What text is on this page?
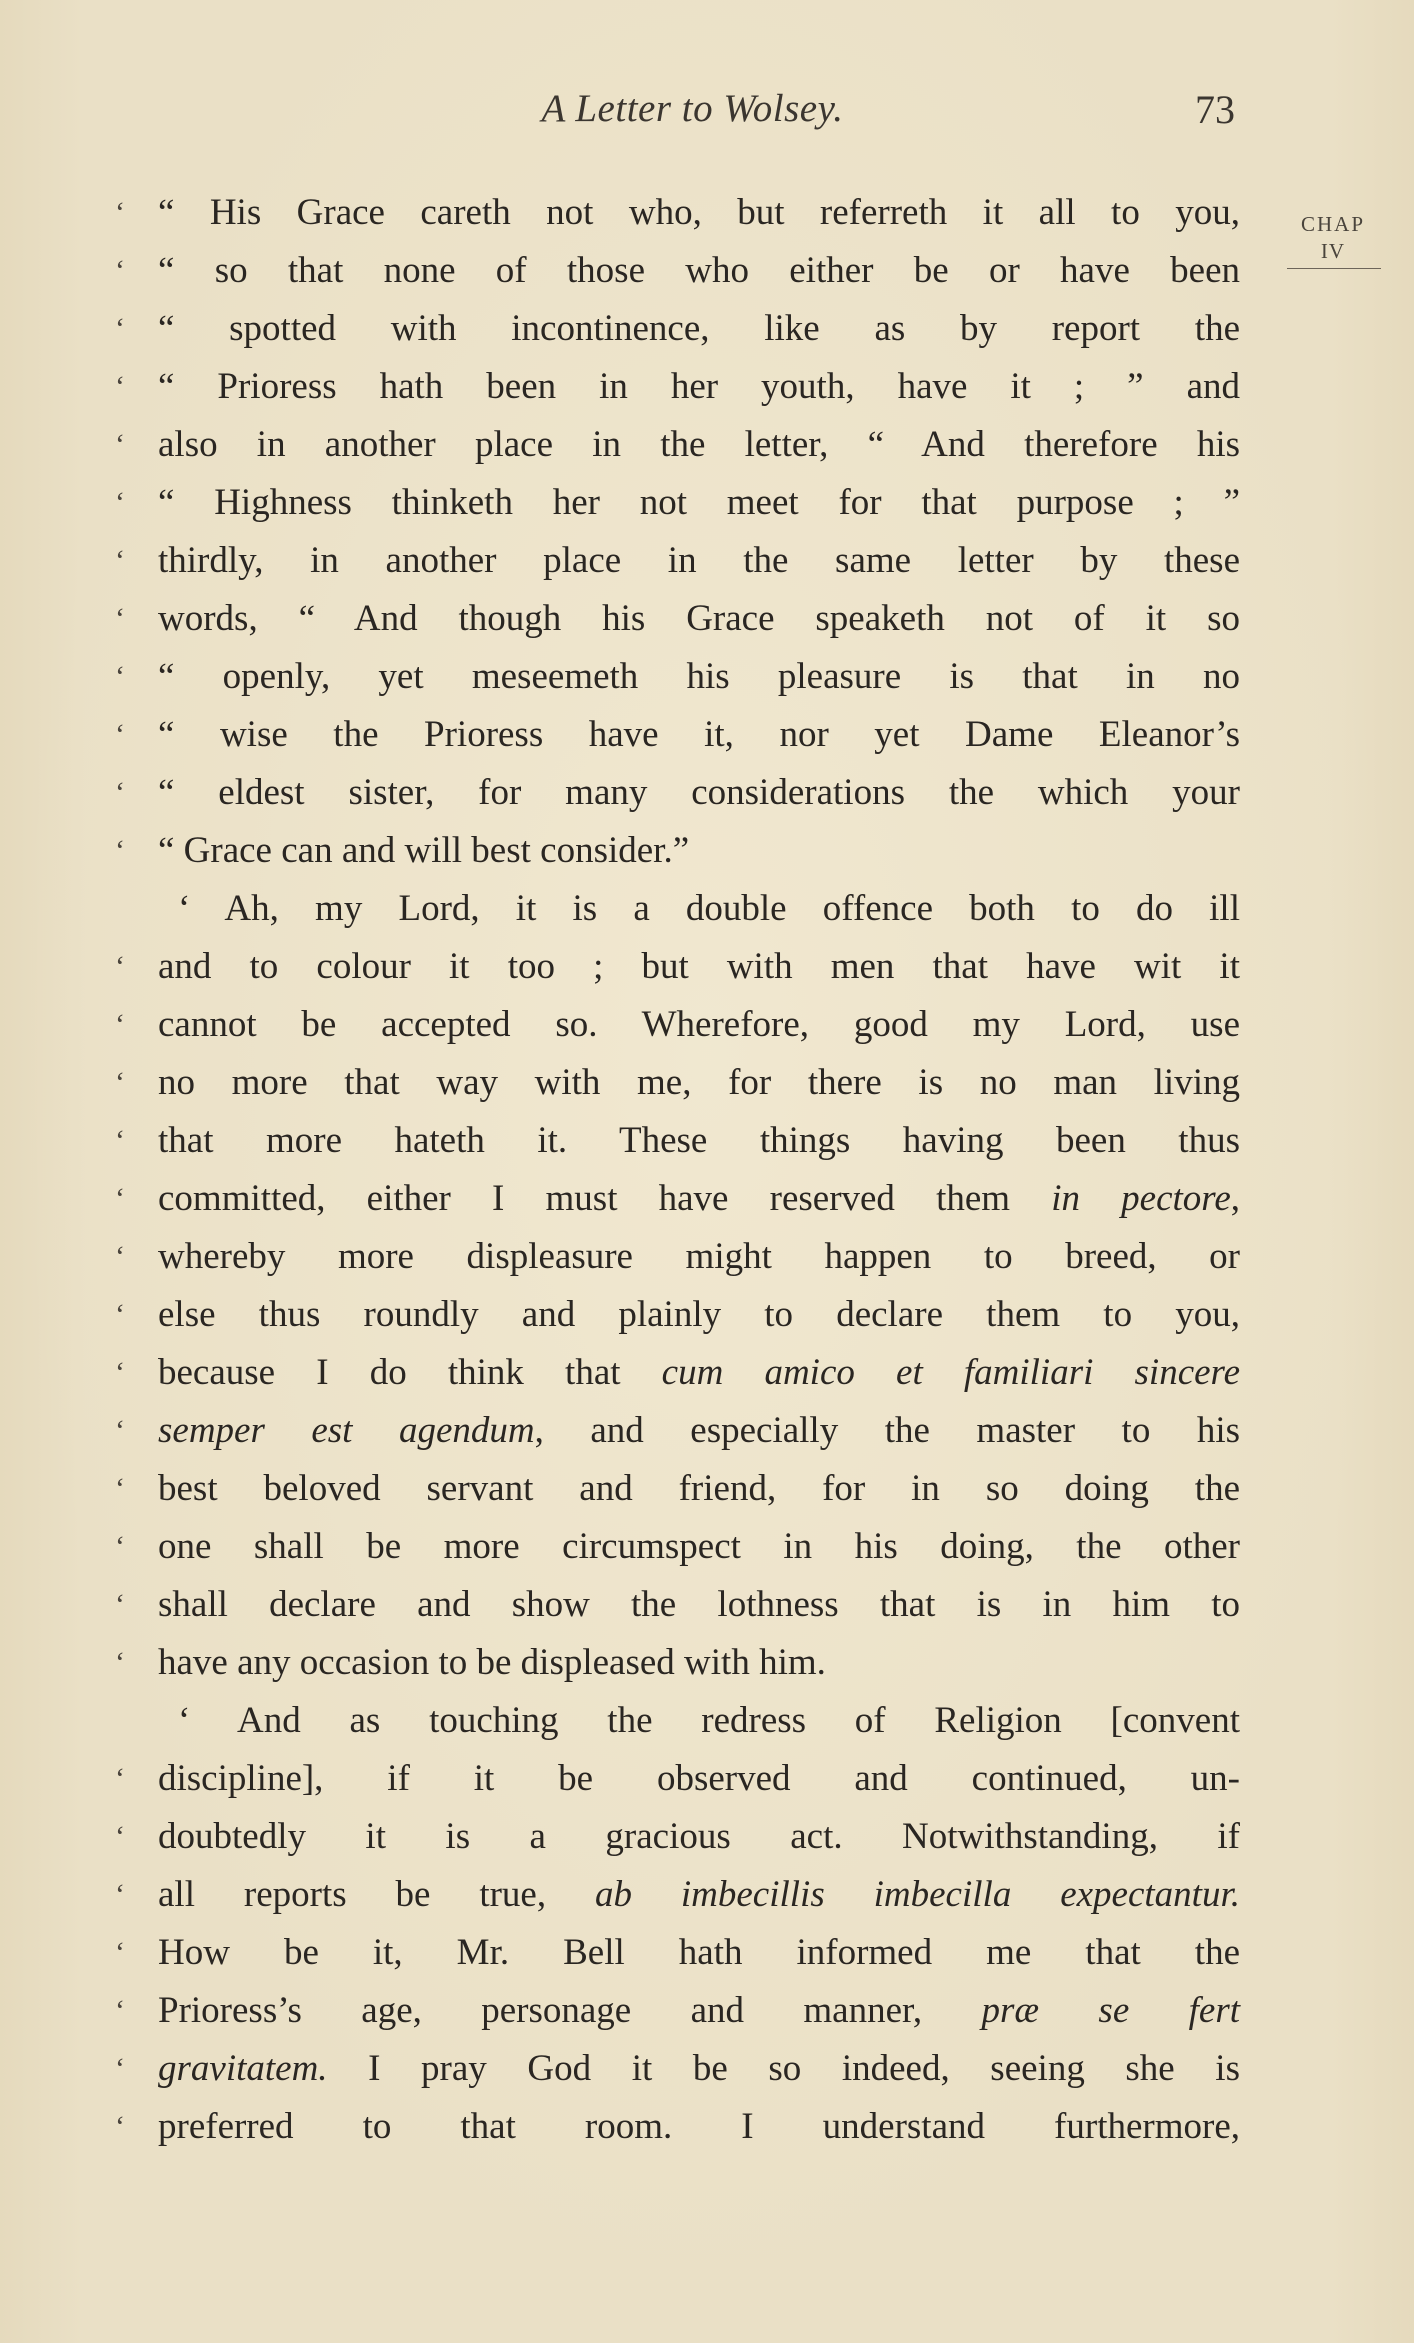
A Letter to Wolsey.	73
CHAP
IV
‘ “ His Grace careth not who, but referreth it all to you,
‘ “ so that none of those who either be or have been
‘ “ spotted with incontinence, like as by report the
‘ “ Prioress hath been in her youth, have it ; ” and
‘ also in another place in the letter, “ And therefore his
‘ “ Highness thinketh her not meet for that purpose ; ”
‘ thirdly, in another place in the same letter by these
‘ words, “ And though his Grace speaketh not of it so
‘ “ openly, yet meseemeth his pleasure is that in no
‘ “ wise the Prioress have it, nor yet Dame Eleanor’s
‘ “ eldest sister, for many considerations the which your
‘ “ Grace can and will best consider.”
‘ Ah, my Lord, it is a double offence both to do ill
‘ and to colour it too ; but with men that have wit it
‘ cannot be accepted so. Wherefore, good my Lord, use
‘ no more that way with me, for there is no man living
‘ that more hateth it. These things having been thus
‘ committed, either I must have reserved them in pectore,
‘ whereby more displeasure might happen to breed, or
‘ else thus roundly and plainly to declare them to you,
‘ because I do think that cum amico et familiari sincere
‘ semper est agendum, and especially the master to his
‘ best beloved servant and friend, for in so doing the
‘ one shall be more circumspect in his doing, the other
‘ shall declare and show the lothness that is in him to
‘ have any occasion to be displeased with him.
‘ And as touching the redress of Religion [convent
‘ discipline], if it be observed and continued, un-
‘ doubtedly it is a gracious act. Notwithstanding, if
‘ all reports be true, ab imbecillis imbecilla expectantur.
‘ How be it, Mr. Bell hath informed me that the
‘ Prioress’s age, personage and manner, præ se fert
‘ gravitatem. I pray God it be so indeed, seeing she is
‘ preferred to that room. I understand furthermore,
